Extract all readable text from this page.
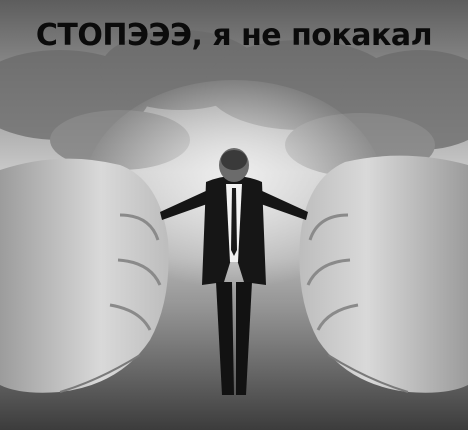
СТОПЭЭЭ, я не покакал
